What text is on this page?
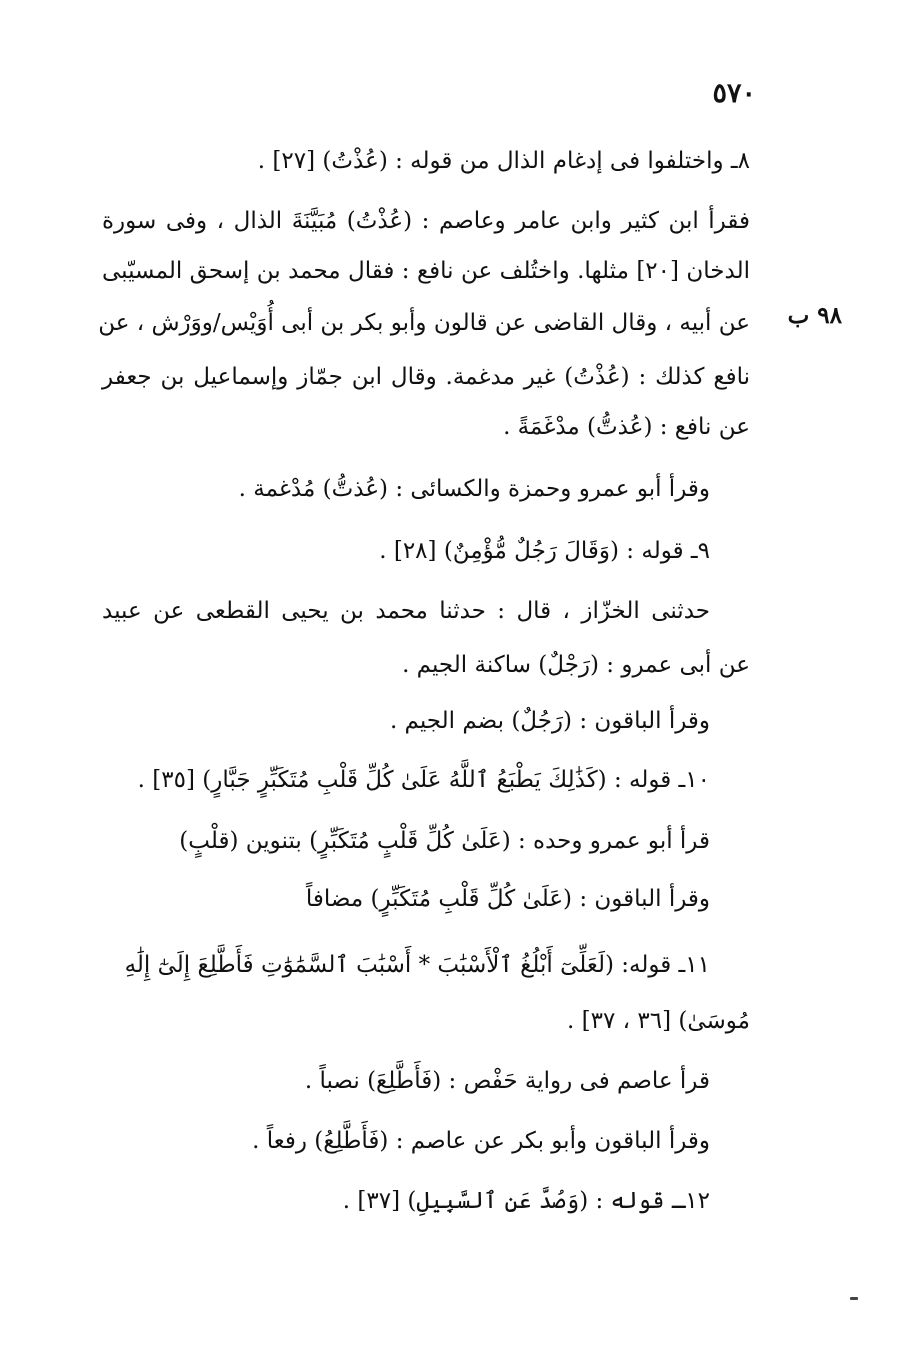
٥٧٠
٩٨ ب
٨ـ واختلفوا فى إدغام الذال من قوله : (عُذْتُ) [٢٧] .
فقرأ ابن كثير وابن عامر وعاصم : (عُذْتُ) مُبَيَّنَةَ الذال ، وفى سورة
الدخان [٢٠] مثلها. واختُلف عن نافع : فقال محمد بن إسحق المسيّبى
عن أبيه ، وقال القاضى عن قالون وأبو بكر بن أبى أُوَيْس/ووَرْش ، عن
نافع كذلك : (عُذْتُ) غير مدغمة. وقال ابن جمّاز وإسماعيل بن جعفر
عن نافع : (عُذتُّ) مدْغَمَةً .
وقرأ أبو عمرو وحمزة والكسائى : (عُذتُّ) مُدْغمة .
٩ـ قوله : (وَقَالَ رَجُلٌ مُّؤْمِنٌ) [٢٨] .
حدثنى الخزّاز ، قال : حدثنا محمد بن يحيى القطعى عن عبيد
عن أبى عمرو : (رَجْلٌ) ساكنة الجيم .
وقرأ الباقون : (رَجُلٌ) بضم الجيم .
١٠ـ قوله : (كَذَٰلِكَ يَطْبَعُ ٱللَّهُ عَلَىٰ كُلِّ قَلْبِ مُتَكَبِّرٍ جَبَّارٍ) [٣٥] .
قرأ أبو عمرو وحده : (عَلَىٰ كُلِّ قَلْبٍ مُتَكَبِّرٍ) بتنوين (قلْبٍ)
وقرأ الباقون : (عَلَىٰ كُلِّ قَلْبِ مُتَكَبِّرٍ) مضافاً
١١ـ قوله: (لَعَلِّىٓ أَبْلُغُ ٱلْأَسْبَٰبَ * أَسْبَٰبَ ٱلسَّمَٰوَٰتِ فَأَطَّلِعَ إِلَىٰٓ إِلَٰهِ
مُوسَىٰ) [٣٦ ، ٣٧] .
قرأ عاصم فى رواية حَفْص : (فَأَطَّلِعَ) نصباً .
وقرأ الباقون وأبو بكر عن عاصم : (فَأَطَّلِعُ) رفعاً .
١٢ـ قوله : (وَصُدَّ عَنِ ٱلسَّبِيلِ) [٣٧] .
